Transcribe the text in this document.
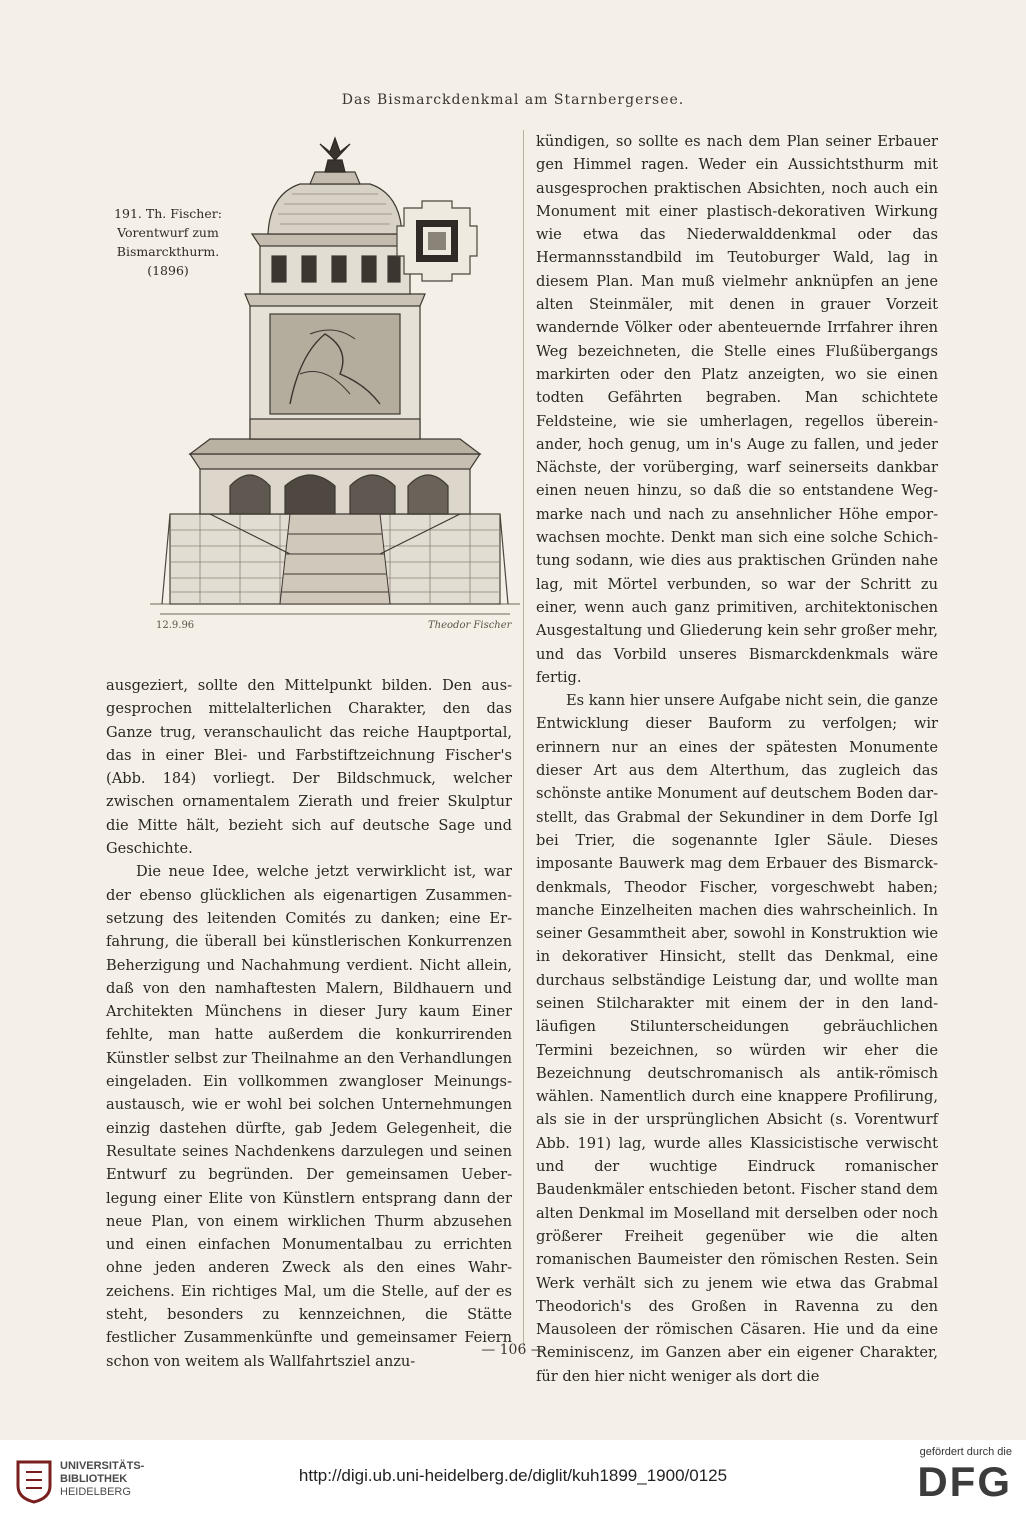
Das Bismarckdenkmal am Starnbergersee.
12.9.96	Theodor Fischer
191. Th. Fischer:
Vorentwurf zum
Bismarckthurm.
(1896)

kündigen, so sollte es nach dem Plan seiner Erbauer gen Himmel ragen. Weder ein Aussichtsthurm mit ausgesprochen praktischen Absichten, noch auch ein Monument mit einer plastisch-dekorativen Wirkung wie etwa das Niederwalddenkmal oder das Hermannsstandbild im Teutoburger Wald, lag in diesem Plan. Man muß vielmehr anknüpfen an jene alten Steinmäler, mit denen in grauer Vorzeit wandernde Völker oder abenteuernde Irrfahrer ihren Weg bezeichneten, die Stelle eines Flußübergangs markirten oder den Platz anzeigten, wo sie einen todten Gefährten begraben. Man schichtete Feldsteine, wie sie umherlagen, regellos übereinander, hoch genug, um in's Auge zu fallen, und jeder Nächste, der vorüberging, warf seinerseits dankbar einen neuen hinzu, so daß die so entstandene Wegmarke nach und nach zu ansehnlicher Höhe emporwachsen mochte. Denkt man sich eine solche Schichtung sodann, wie dies aus praktischen Gründen nahe lag, mit Mörtel verbunden, so war der Schritt zu einer, wenn auch ganz primitiven, architektonischen Ausgestaltung und Gliederung kein sehr großer mehr, und das Vorbild unseres Bismarckdenkmals wäre fertig.

Es kann hier unsere Aufgabe nicht sein, die ganze Entwicklung dieser Bauform zu verfolgen; wir erinnern nur an eines der spätesten Monumente dieser Art aus dem Alterthum, das zugleich das schönste antike Monument auf deutschem Boden darstellt, das Grabmal der Sekundiner in dem Dorfe Igl bei Trier, die sogenannte Igler Säule. Dieses imposante Bauwerk mag dem Erbauer des Bismarckdenkmals, Theodor Fischer, vorgeschwebt haben; manche Einzelheiten machen dies wahrscheinlich. In seiner Gesammtheit aber, sowohl in Konstruktion wie in dekorativer Hinsicht, stellt das Denkmal, eine durchaus selbständige Leistung dar, und wollte man seinen Stilcharakter mit einem der in den landläufigen Stilunterscheidungen gebräuchlichen Termini bezeichnen, so würden wir eher die Bezeichnung deutschromanisch als antik-römisch wählen. Namentlich durch eine knappere Profilirung, als sie in der ursprünglichen Absicht (s. Vorentwurf Abb. 191) lag, wurde alles Klassicistische verwischt und der wuchtige Eindruck romanischer Baudenkmäler entschieden betont. Fischer stand dem alten Denkmal im Moselland mit derselben oder noch größerer Freiheit gegenüber wie die alten romanischen Baumeister den römischen Resten. Sein Werk verhält sich zu jenem wie etwa das Grabmal Theodorich's des Großen in Ravenna zu den Mausoleen der römischen Cäsaren. Hie und da eine Reminiscenz, im Ganzen aber ein eigener Charakter, für den hier nicht weniger als dort die

ausgeziert, sollte den Mittelpunkt bilden. Den ausgesprochen mittelalterlichen Charakter, den das Ganze trug, veranschaulicht das reiche Hauptportal, das in einer Blei- und Farbstiftzeichnung Fischer's (Abb. 184) vorliegt. Der Bildschmuck, welcher zwischen ornamentalem Zierath und freier Skulptur die Mitte hält, bezieht sich auf deutsche Sage und Geschichte.

Die neue Idee, welche jetzt verwirklicht ist, war der ebenso glücklichen als eigenartigen Zusammensetzung des leitenden Comités zu danken; eine Erfahrung, die überall bei künstlerischen Konkurrenzen Beherzigung und Nachahmung verdient. Nicht allein, daß von den namhaftesten Malern, Bildhauern und Architekten Münchens in dieser Jury kaum Einer fehlte, man hatte außerdem die konkurrirenden Künstler selbst zur Theilnahme an den Verhandlungen eingeladen. Ein vollkommen zwangloser Meinungsaustausch, wie er wohl bei solchen Unternehmungen einzig dastehen dürfte, gab Jedem Gelegenheit, die Resultate seines Nachdenkens darzulegen und seinen Entwurf zu begründen. Der gemeinsamen Ueberlegung einer Elite von Künstlern entsprang dann der neue Plan, von einem wirklichen Thurm abzusehen und einen einfachen Monumentalbau zu errichten ohne jeden anderen Zweck als den eines Wahrzeichens. Ein richtiges Mal, um die Stelle, auf der es steht, besonders zu kennzeichnen, die Stätte festlicher Zusammenkünfte und gemeinsamer Feiern schon von weitem als Wallfahrtsziel anzu-

— 106 —
UNIVERSITÄTS-
BIBLIOTHEK
HEIDELBERG
http://digi.ub.uni-heidelberg.de/diglit/kuh1899_1900/0125
gefördert durch die
DFG
